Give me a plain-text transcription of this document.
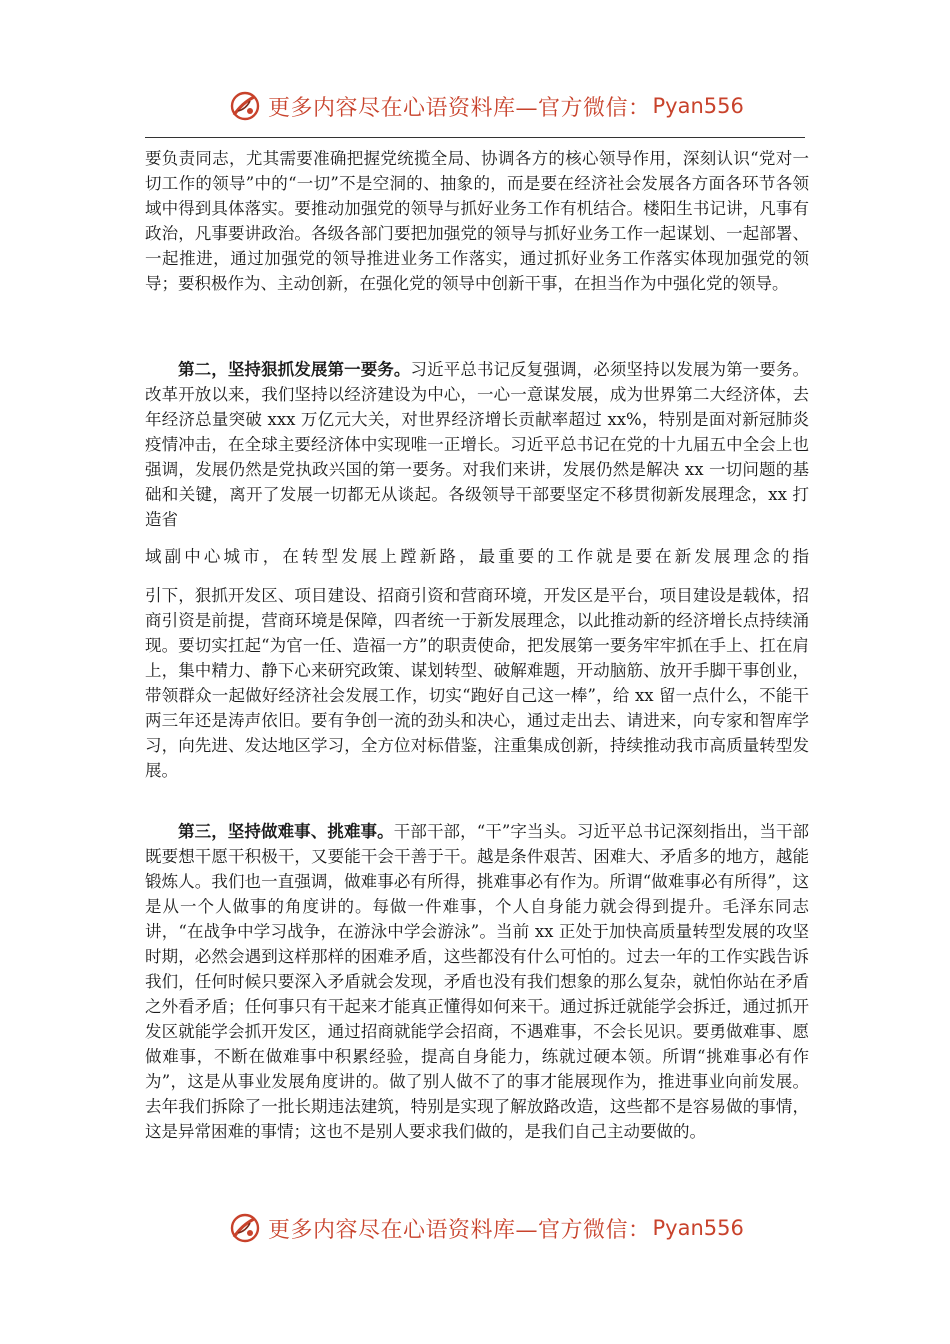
更多内容尽在心语资料库—官方微信： Pyan556

要负责同志，尤其需要准确把握党统揽全局、协调各方的核心领导作用，深刻认识“党对一切工作的领导”中的“一切”不是空洞的、抽象的，而是要在经济社会发展各方面各环节各领域中得到具体落实。要推动加强党的领导与抓好业务工作有机结合。楼阳生书记讲，凡事有政治，凡事要讲政治。各级各部门要把加强党的领导与抓好业务工作一起谋划、一起部署、一起推进，通过加强党的领导推进业务工作落实，通过抓好业务工作落实体现加强党的领导；要积极作为、主动创新，在强化党的领导中创新干事，在担当作为中强化党的领导。

第二，坚持狠抓发展第一要务。习近平总书记反复强调，必须坚持以发展为第一要务。改革开放以来，我们坚持以经济建设为中心，一心一意谋发展，成为世界第二大经济体，去年经济总量突破 xxx 万亿元大关，对世界经济增长贡献率超过 xx%，特别是面对新冠肺炎疫情冲击，在全球主要经济体中实现唯一正增长。习近平总书记在党的十九届五中全会上也强调，发展仍然是党执政兴国的第一要务。对我们来讲，发展仍然是解决 xx 一切问题的基础和关键，离开了发展一切都无从谈起。各级领导干部要坚定不移贯彻新发展理念，xx 打造省

域副中心城市，在转型发展上蹚新路，最重要的工作就是要在新发展理念的指

引下，狠抓开发区、项目建设、招商引资和营商环境，开发区是平台，项目建设是载体，招商引资是前提，营商环境是保障，四者统一于新发展理念，以此推动新的经济增长点持续涌现。要切实扛起“为官一任、造福一方”的职责使命，把发展第一要务牢牢抓在手上、扛在肩上，集中精力、静下心来研究政策、谋划转型、破解难题，开动脑筋、放开手脚干事创业，带领群众一起做好经济社会发展工作，切实“跑好自己这一棒”，给 xx 留一点什么，不能干两三年还是涛声依旧。要有争创一流的劲头和决心，通过走出去、请进来，向专家和智库学习，向先进、发达地区学习，全方位对标借鉴，注重集成创新，持续推动我市高质量转型发展。

第三，坚持做难事、挑难事。干部干部，“干”字当头。习近平总书记深刻指出，当干部既要想干愿干积极干，又要能干会干善于干。越是条件艰苦、困难大、矛盾多的地方，越能锻炼人。我们也一直强调，做难事必有所得，挑难事必有作为。所谓“做难事必有所得”，这是从一个人做事的角度讲的。每做一件难事，个人自身能力就会得到提升。毛泽东同志讲，“在战争中学习战争，在游泳中学会游泳”。当前 xx 正处于加快高质量转型发展的攻坚时期，必然会遇到这样那样的困难矛盾，这些都没有什么可怕的。过去一年的工作实践告诉我们，任何时候只要深入矛盾就会发现，矛盾也没有我们想象的那么复杂，就怕你站在矛盾之外看矛盾；任何事只有干起来才能真正懂得如何来干。通过拆迁就能学会拆迁，通过抓开发区就能学会抓开发区，通过招商就能学会招商，不遇难事，不会长见识。要勇做难事、愿做难事，不断在做难事中积累经验，提高自身能力，练就过硬本领。所谓“挑难事必有作为”，这是从事业发展角度讲的。做了别人做不了的事才能展现作为，推进事业向前发展。去年我们拆除了一批长期违法建筑，特别是实现了解放路改造，这些都不是容易做的事情，这是异常困难的事情；这也不是别人要求我们做的，是我们自己主动要做的。

更多内容尽在心语资料库—官方微信： Pyan556
